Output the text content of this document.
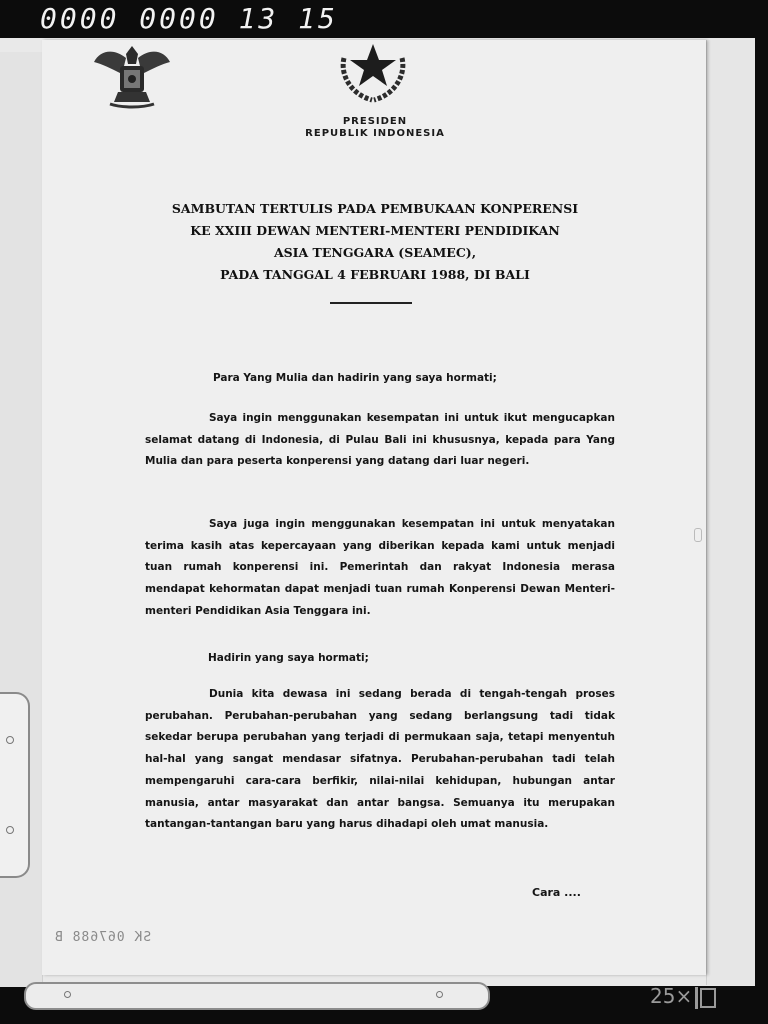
0000 0000 13 15
PRESIDEN
REPUBLIK INDONESIA
SAMBUTAN TERTULIS PADA PEMBUKAAN KONPERENSI
KE XXIII DEWAN MENTERI-MENTERI PENDIDIKAN
ASIA TENGGARA (SEAMEC),
PADA TANGGAL 4 FEBRUARI 1988, DI BALI
Para Yang Mulia dan hadirin yang saya hormati;
Saya ingin menggunakan kesempatan ini untuk ikut mengucapkan selamat datang di Indonesia, di Pulau Bali ini khususnya, kepada para Yang Mulia dan para peserta konperensi yang datang dari luar negeri.
Saya juga ingin menggunakan kesempatan ini untuk menyatakan terima kasih atas kepercayaan yang diberikan kepada kami untuk menjadi tuan rumah konperensi ini. Pemerintah dan rakyat Indonesia merasa mendapat kehormatan dapat menjadi tuan rumah Konperensi Dewan Menteri-menteri Pendidikan Asia Tenggara ini.
Hadirin yang saya hormati;
Dunia kita dewasa ini sedang berada di tengah-tengah proses perubahan. Perubahan-perubahan yang sedang berlangsung tadi tidak sekedar berupa perubahan yang terjadi di permukaan saja, tetapi menyentuh hal-hal yang sangat mendasar sifatnya. Perubahan-perubahan tadi telah mempengaruhi cara-cara berfikir, nilai-nilai kehidupan, hubungan antar manusia, antar masyarakat dan antar bangsa. Semuanya itu merupakan tantangan-tantangan baru yang harus dihadapi oleh umat manusia.
Cara ....
SK 067688 B
25×
